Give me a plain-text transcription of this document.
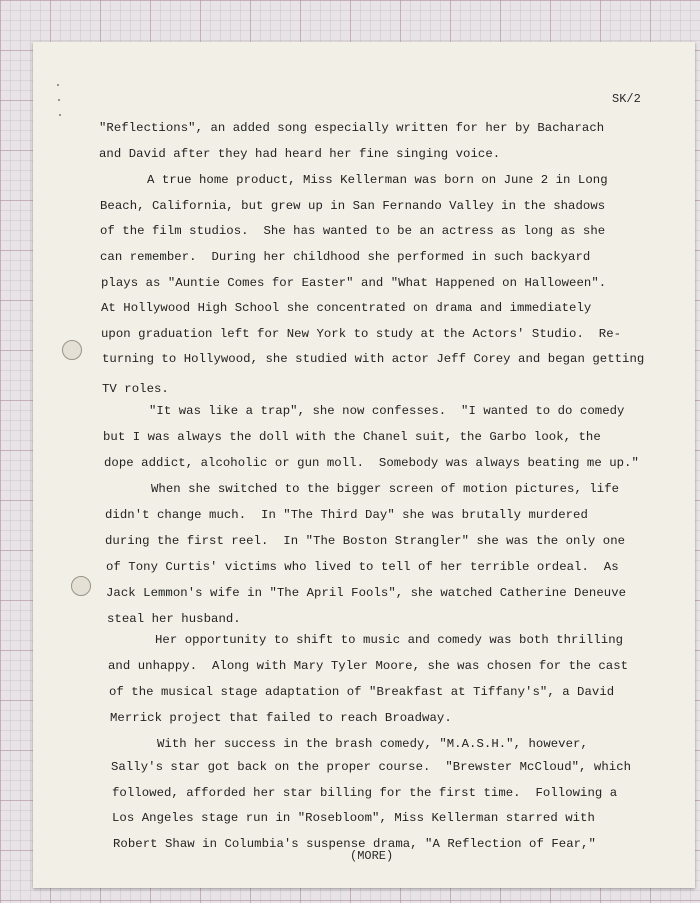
SK/2
"Reflections", an added song especially written for her by Bacharach
and David after they had heard her fine singing voice.
A true home product, Miss Kellerman was born on June 2 in Long
Beach, California, but grew up in San Fernando Valley in the shadows
of the film studios.  She has wanted to be an actress as long as she
can remember.  During her childhood she performed in such backyard
plays as "Auntie Comes for Easter" and "What Happened on Halloween".
At Hollywood High School she concentrated on drama and immediately
upon graduation left for New York to study at the Actors' Studio.  Re-
turning to Hollywood, she studied with actor Jeff Corey and began getting
TV roles.
"It was like a trap", she now confesses.  "I wanted to do comedy
but I was always the doll with the Chanel suit, the Garbo look, the
dope addict, alcoholic or gun moll.  Somebody was always beating me up."
When she switched to the bigger screen of motion pictures, life
didn't change much.  In "The Third Day" she was brutally murdered
during the first reel.  In "The Boston Strangler" she was the only one
of Tony Curtis' victims who lived to tell of her terrible ordeal.  As
Jack Lemmon's wife in "The April Fools", she watched Catherine Deneuve
steal her husband.
Her opportunity to shift to music and comedy was both thrilling
and unhappy.  Along with Mary Tyler Moore, she was chosen for the cast
of the musical stage adaptation of "Breakfast at Tiffany's", a David
Merrick project that failed to reach Broadway.
With her success in the brash comedy, "M.A.S.H.", however,
Sally's star got back on the proper course.  "Brewster McCloud", which
followed, afforded her star billing for the first time.  Following a
Los Angeles stage run in "Rosebloom", Miss Kellerman starred with
Robert Shaw in Columbia's suspense drama, "A Reflection of Fear,"
(MORE)
